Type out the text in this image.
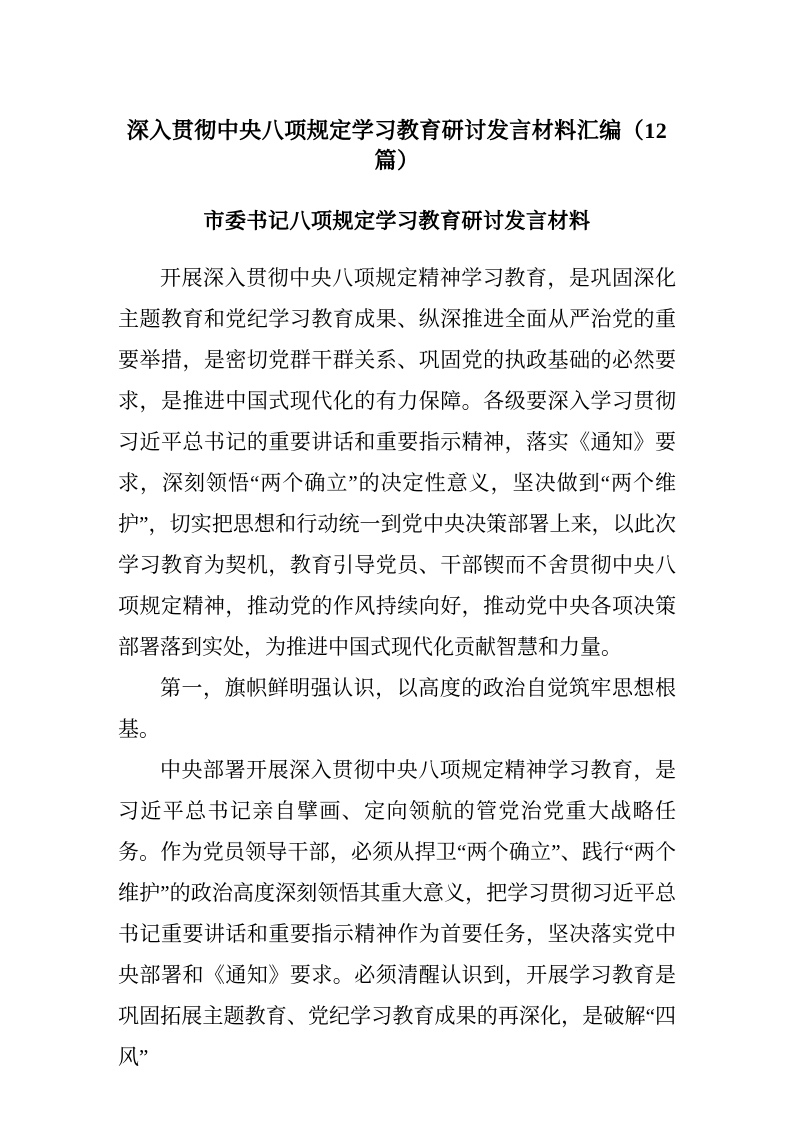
深入贯彻中央八项规定学习教育研讨发言材料汇编（12篇）
市委书记八项规定学习教育研讨发言材料

开展深入贯彻中央八项规定精神学习教育，是巩固深化主题教育和党纪学习教育成果、纵深推进全面从严治党的重要举措，是密切党群干群关系、巩固党的执政基础的必然要求，是推进中国式现代化的有力保障。各级要深入学习贯彻习近平总书记的重要讲话和重要指示精神，落实《通知》要求，深刻领悟“两个确立”的决定性意义，坚决做到“两个维护”，切实把思想和行动统一到党中央决策部署上来，以此次学习教育为契机，教育引导党员、干部锲而不舍贯彻中央八项规定精神，推动党的作风持续向好，推动党中央各项决策部署落到实处，为推进中国式现代化贡献智慧和力量。

第一，旗帜鲜明强认识，以高度的政治自觉筑牢思想根基。

中央部署开展深入贯彻中央八项规定精神学习教育，是习近平总书记亲自擘画、定向领航的管党治党重大战略任务。作为党员领导干部，必须从捍卫“两个确立”、践行“两个维护”的政治高度深刻领悟其重大意义，把学习贯彻习近平总书记重要讲话和重要指示精神作为首要任务，坚决落实党中央部署和《通知》要求。必须清醒认识到，开展学习教育是巩固拓展主题教育、党纪学习教育成果的再深化，是破解“四风”
